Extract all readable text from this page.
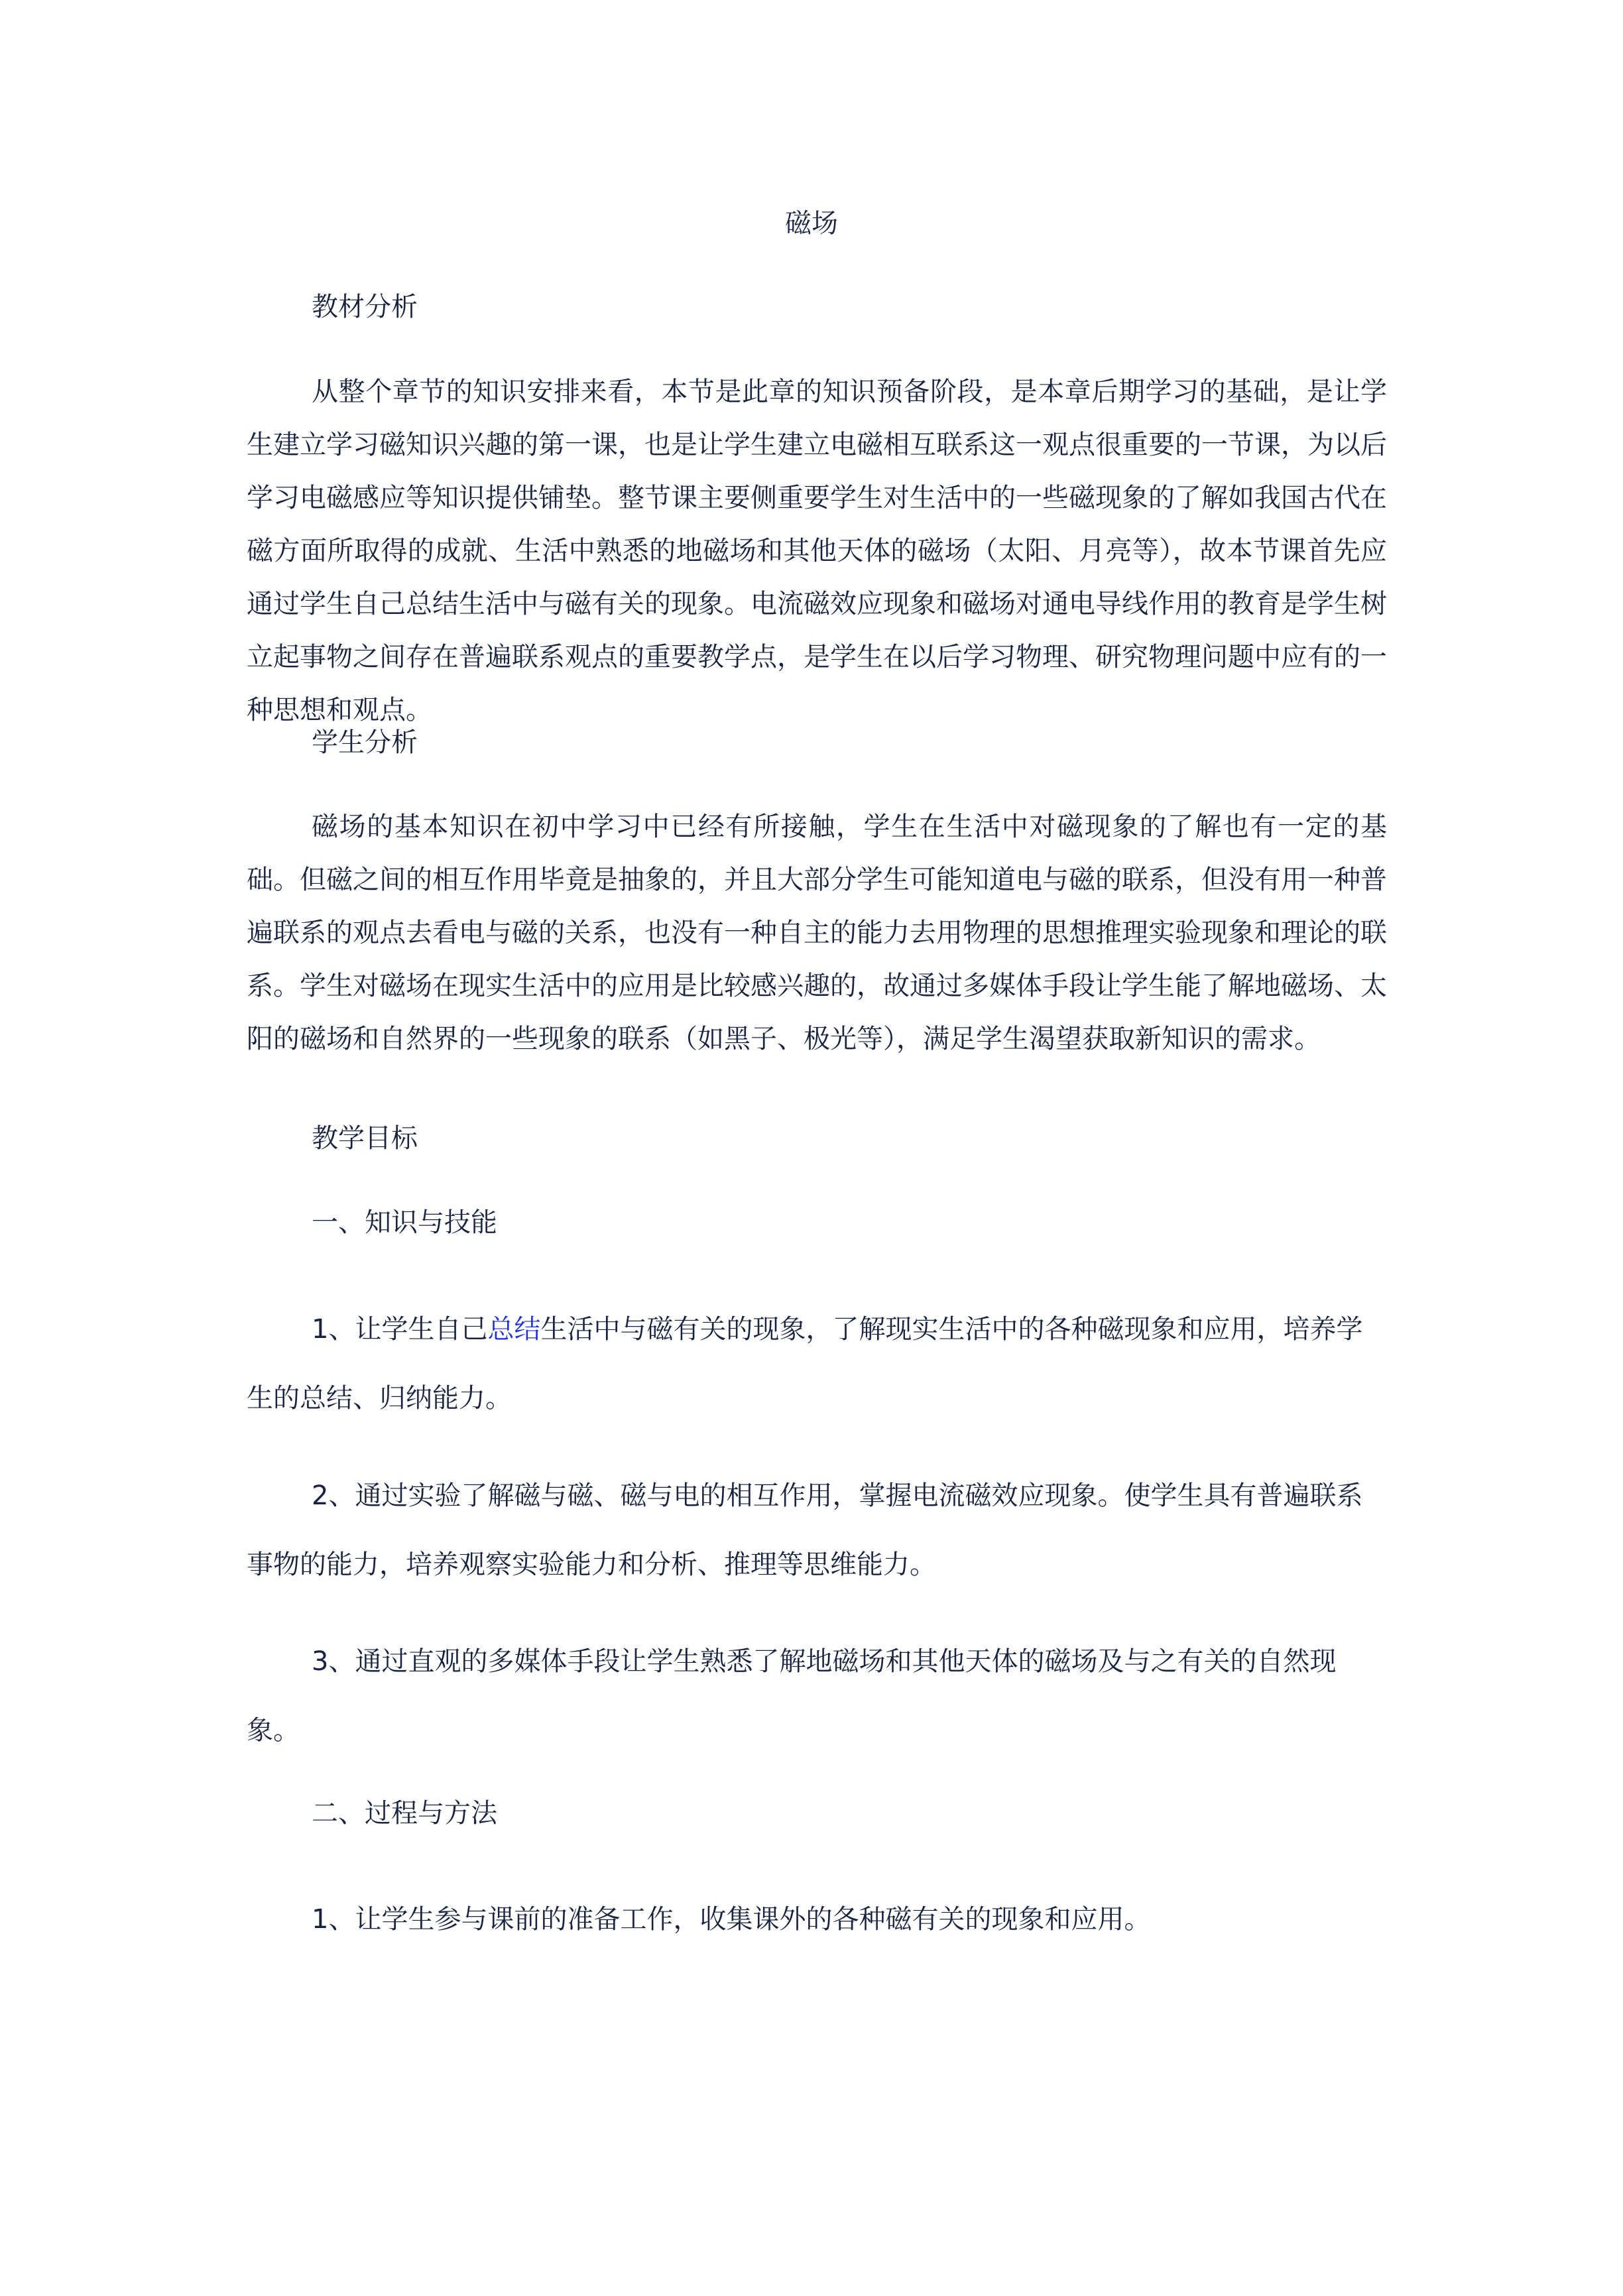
磁场
教材分析

从整个章节的知识安排来看，本节是此章的知识预备阶段，是本章后期学习的基础，是让学生建立学习磁知识兴趣的第一课，也是让学生建立电磁相互联系这一观点很重要的一节课，为以后学习电磁感应等知识提供铺垫。整节课主要侧重要学生对生活中的一些磁现象的了解如我国古代在磁方面所取得的成就、生活中熟悉的地磁场和其他天体的磁场（太阳、月亮等），故本节课首先应通过学生自己总结生活中与磁有关的现象。电流磁效应现象和磁场对通电导线作用的教育是学生树立起事物之间存在普遍联系观点的重要教学点，是学生在以后学习物理、研究物理问题中应有的一种思想和观点。

学生分析

磁场的基本知识在初中学习中已经有所接触，学生在生活中对磁现象的了解也有一定的基础。但磁之间的相互作用毕竟是抽象的，并且大部分学生可能知道电与磁的联系，但没有用一种普遍联系的观点去看电与磁的关系，也没有一种自主的能力去用物理的思想推理实验现象和理论的联系。学生对磁场在现实生活中的应用是比较感兴趣的，故通过多媒体手段让学生能了解地磁场、太阳的磁场和自然界的一些现象的联系（如黑子、极光等），满足学生渴望获取新知识的需求。

教学目标
一、知识与技能

1、让学生自己总结生活中与磁有关的现象，了解现实生活中的各种磁现象和应用，培养学生的总结、归纳能力。

2、通过实验了解磁与磁、磁与电的相互作用，掌握电流磁效应现象。使学生具有普遍联系事物的能力，培养观察实验能力和分析、推理等思维能力。

3、通过直观的多媒体手段让学生熟悉了解地磁场和其他天体的磁场及与之有关的自然现象。

二、过程与方法

1、让学生参与课前的准备工作，收集课外的各种磁有关的现象和应用。
